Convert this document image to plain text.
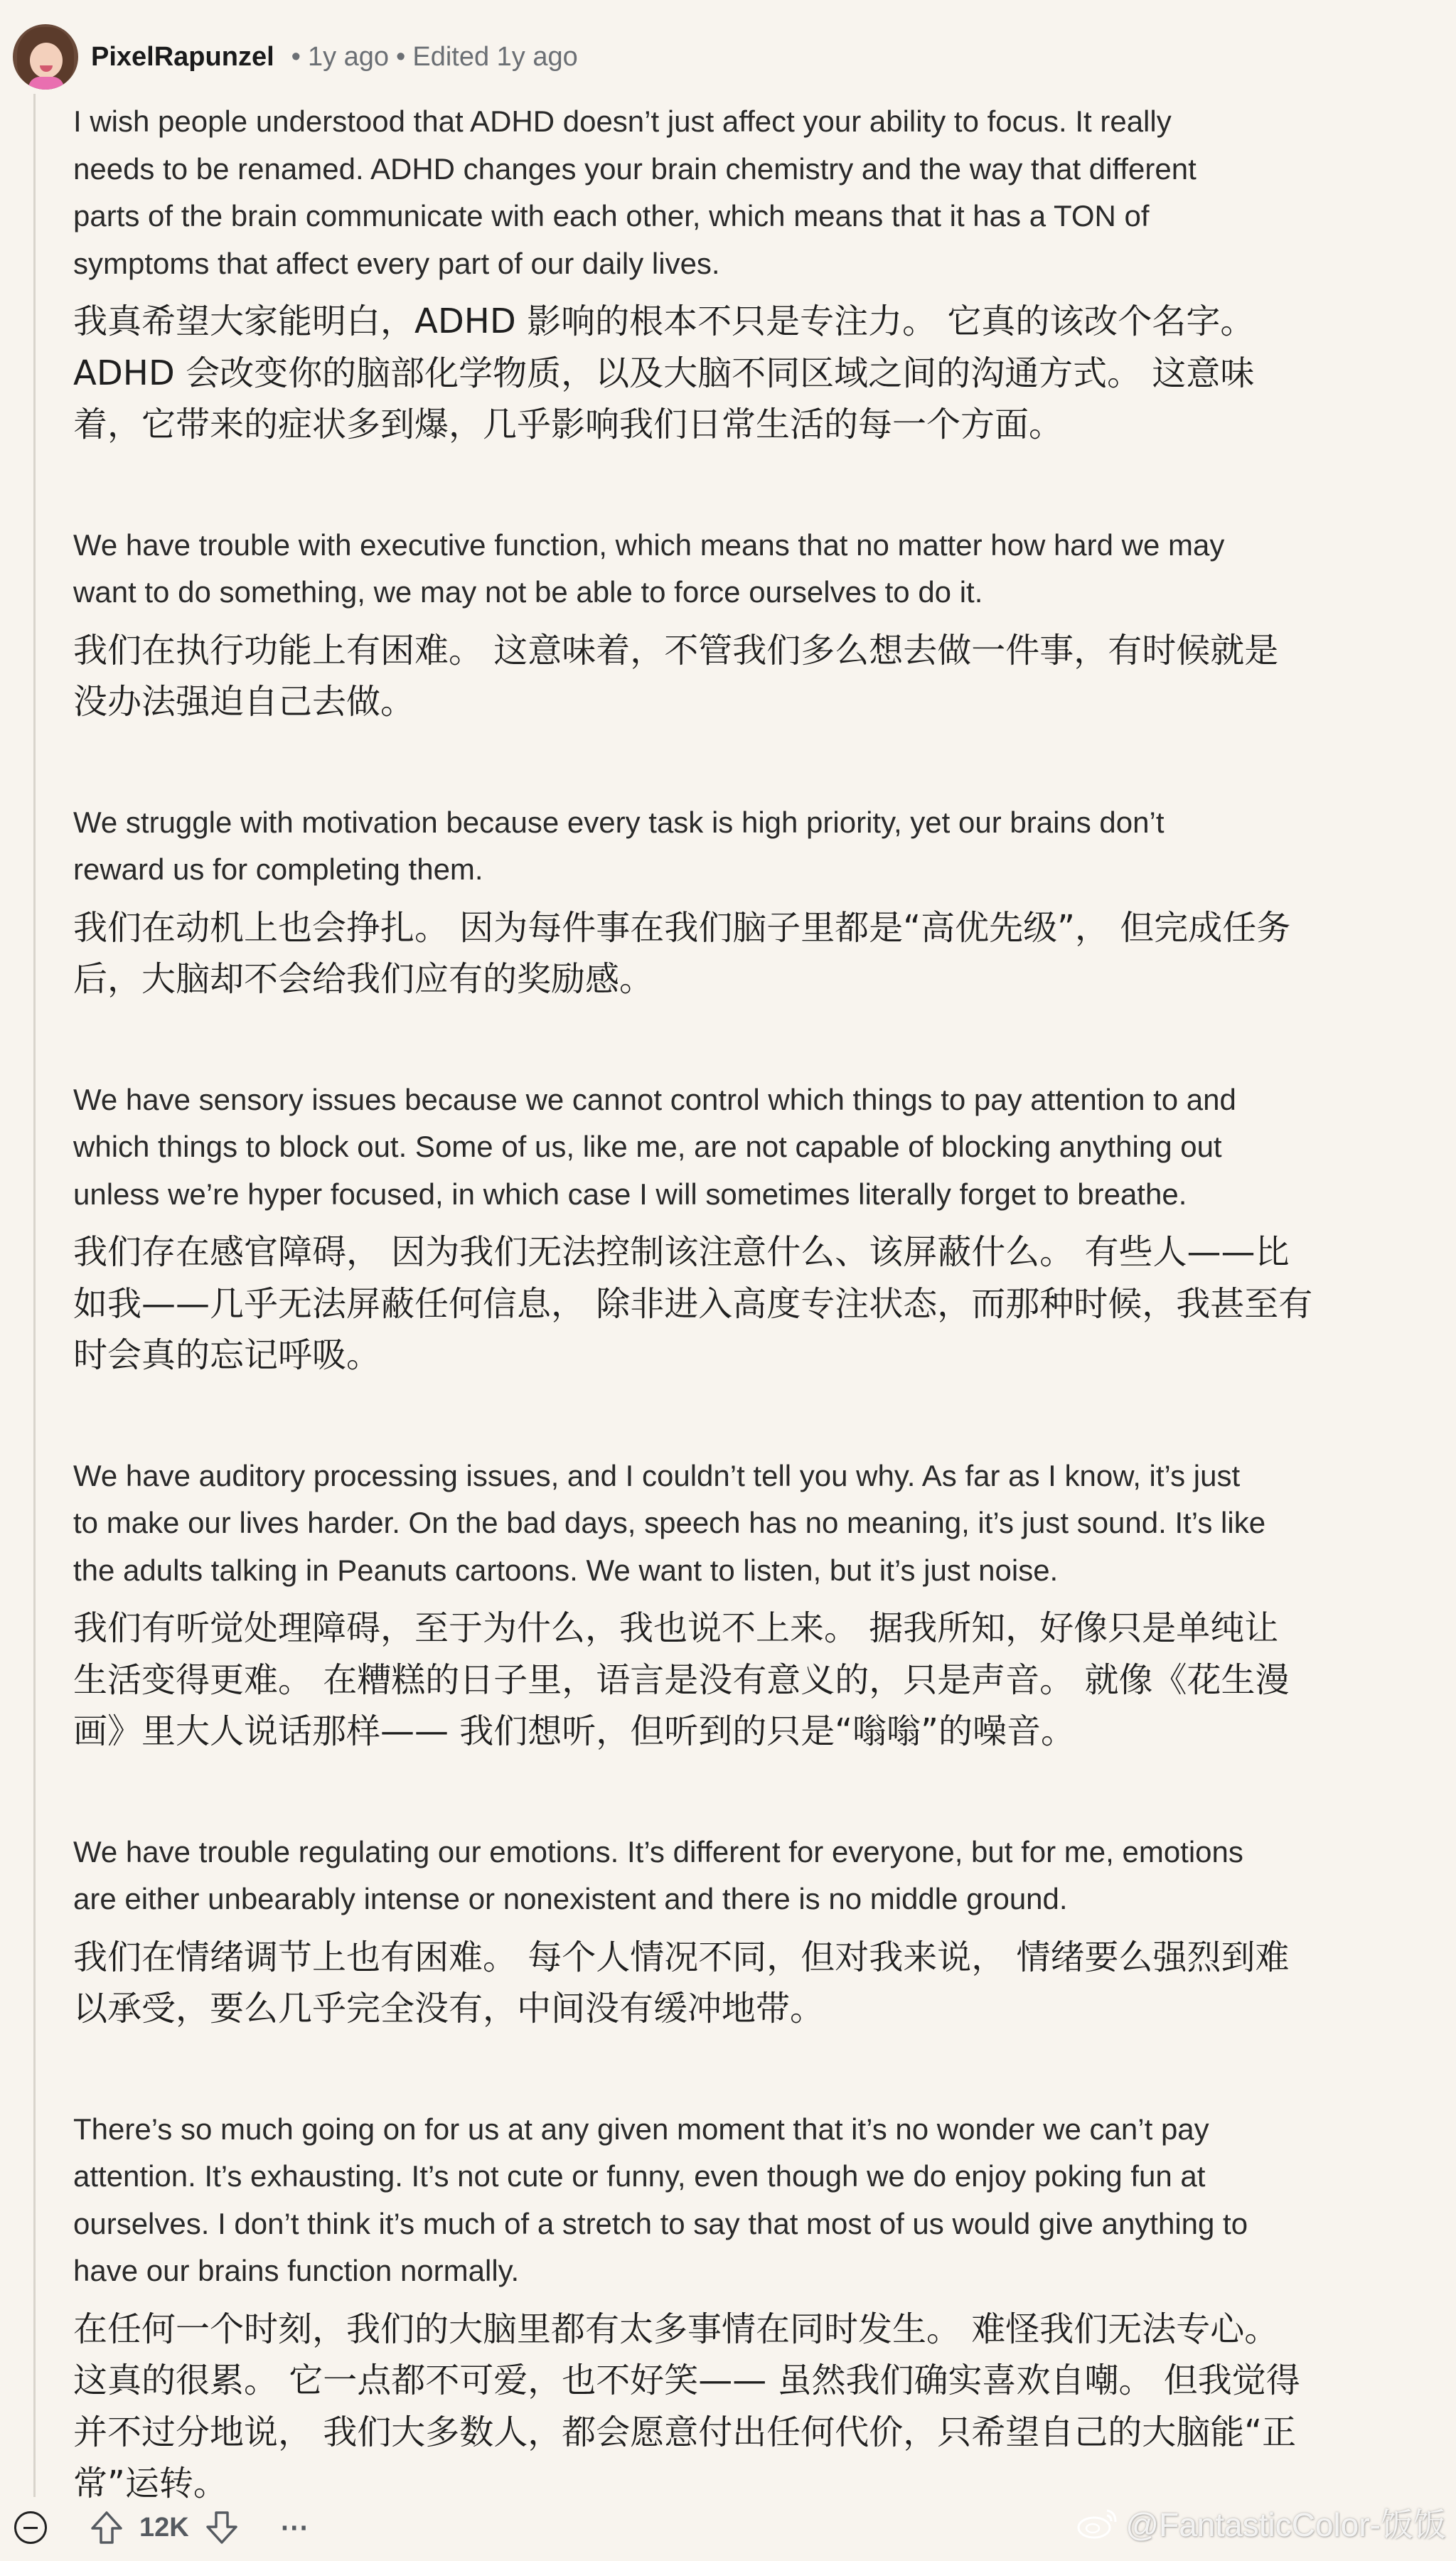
PixelRapunzel • 1y ago • Edited 1y ago

I wish people understood that ADHD doesn’t just affect your ability to focus. It really
needs to be renamed. ADHD changes your brain chemistry and the way that different
parts of the brain communicate with each other, which means that it has a TON of
symptoms that affect every part of our daily lives.

我真希望大家能明白，ADHD 影响的根本不只是专注力。 它真的该改个名字。
ADHD 会改变你的脑部化学物质，以及大脑不同区域之间的沟通方式。 这意味
着，它带来的症状多到爆，几乎影响我们日常生活的每一个方面。

We have trouble with executive function, which means that no matter how hard we may
want to do something, we may not be able to force ourselves to do it.

我们在执行功能上有困难。 这意味着，不管我们多么想去做一件事，有时候就是
没办法强迫自己去做。

We struggle with motivation because every task is high priority, yet our brains don’t
reward us for completing them.

我们在动机上也会挣扎。 因为每件事在我们脑子里都是“高优先级”， 但完成任务
后，大脑却不会给我们应有的奖励感。

We have sensory issues because we cannot control which things to pay attention to and
which things to block out. Some of us, like me, are not capable of blocking anything out
unless we’re hyper focused, in which case I will sometimes literally forget to breathe.

我们存在感官障碍， 因为我们无法控制该注意什么、该屏蔽什么。 有些人——比
如我——几乎无法屏蔽任何信息， 除非进入高度专注状态，而那种时候，我甚至有
时会真的忘记呼吸。

We have auditory processing issues, and I couldn’t tell you why. As far as I know, it’s just
to make our lives harder. On the bad days, speech has no meaning, it’s just sound. It’s like
the adults talking in Peanuts cartoons. We want to listen, but it’s just noise.

我们有听觉处理障碍，至于为什么，我也说不上来。 据我所知，好像只是单纯让
生活变得更难。 在糟糕的日子里，语言是没有意义的，只是声音。 就像《花生漫
画》里大人说话那样—— 我们想听，但听到的只是“嗡嗡”的噪音。

We have trouble regulating our emotions. It’s different for everyone, but for me, emotions
are either unbearably intense or nonexistent and there is no middle ground.

我们在情绪调节上也有困难。 每个人情况不同，但对我来说， 情绪要么强烈到难
以承受，要么几乎完全没有，中间没有缓冲地带。

There’s so much going on for us at any given moment that it’s no wonder we can’t pay
attention. It’s exhausting. It’s not cute or funny, even though we do enjoy poking fun at
ourselves. I don’t think it’s much of a stretch to say that most of us would give anything to
have our brains function normally.

在任何一个时刻，我们的大脑里都有太多事情在同时发生。 难怪我们无法专心。
这真的很累。 它一点都不可爱，也不好笑—— 虽然我们确实喜欢自嘲。 但我觉得
并不过分地说， 我们大多数人，都会愿意付出任何代价，只希望自己的大脑能“正
常”运转。

12K	⋯	@FantasticColor-饭饭
